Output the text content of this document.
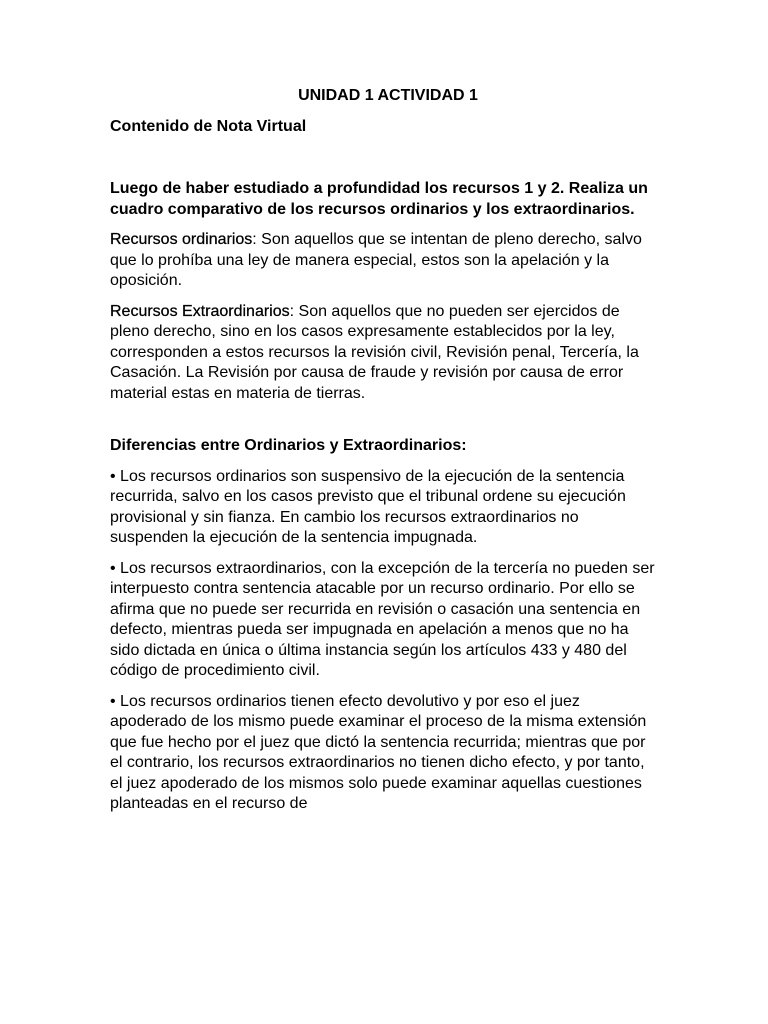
UNIDAD 1 ACTIVIDAD 1

Contenido de Nota Virtual

Luego de haber estudiado a profundidad los recursos 1 y 2. Realiza un cuadro comparativo de los recursos ordinarios y los extraordinarios.

Recursos ordinarios: Son aquellos que se intentan de pleno derecho, salvo que lo prohíba una ley de manera especial, estos son la apelación y la oposición.

Recursos Extraordinarios: Son aquellos que no pueden ser ejercidos de pleno derecho, sino en los casos expresamente establecidos por la ley, corresponden a estos recursos la revisión civil, Revisión penal, Tercería, la Casación. La Revisión por causa de fraude y revisión por causa de error material estas en materia de tierras.

Diferencias entre Ordinarios y Extraordinarios:

• Los recursos ordinarios son suspensivo de la ejecución de la sentencia recurrida, salvo en los casos previsto que el tribunal ordene su ejecución provisional y sin fianza. En cambio los recursos extraordinarios no suspenden la ejecución de la sentencia impugnada.

• Los recursos extraordinarios, con la excepción de la tercería no pueden ser interpuesto contra sentencia atacable por un recurso ordinario. Por ello se afirma que no puede ser recurrida en revisión o casación una sentencia en defecto, mientras pueda ser impugnada en apelación a menos que no ha sido dictada en única o última instancia según los artículos 433 y 480 del código de procedimiento civil.

• Los recursos ordinarios tienen efecto devolutivo y por eso el juez apoderado de los mismo puede examinar el proceso de la misma extensión que fue hecho por el juez que dictó la sentencia recurrida; mientras que por el contrario, los recursos extraordinarios no tienen dicho efecto, y por tanto, el juez apoderado de los mismos solo puede examinar aquellas cuestiones planteadas en el recurso de
